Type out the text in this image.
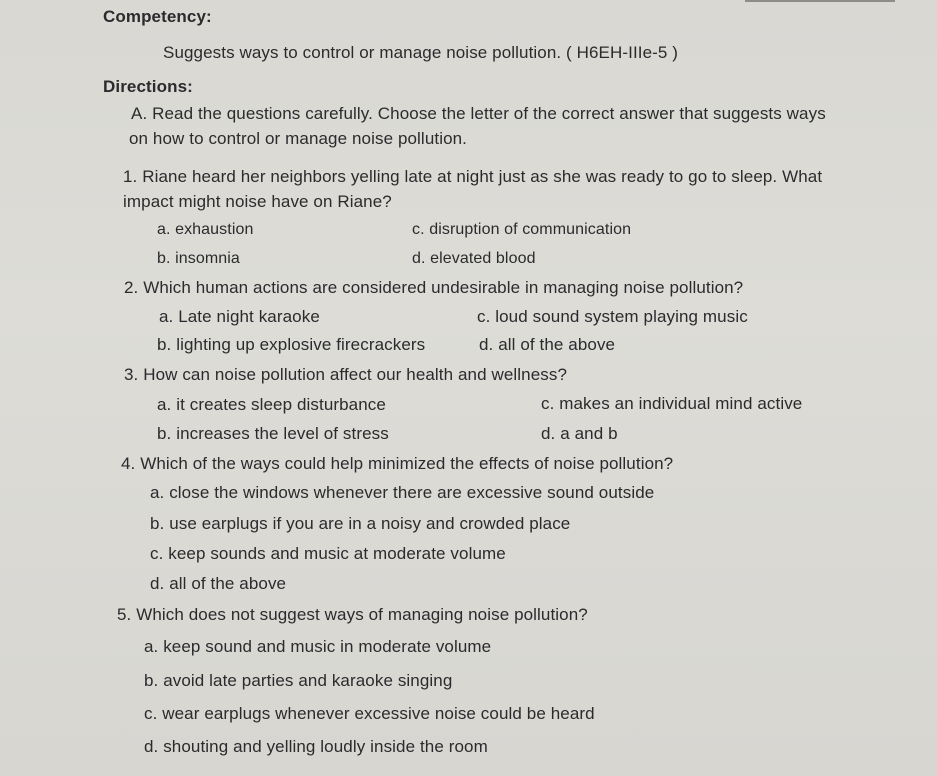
Competency:
Suggests ways to control or manage noise pollution. ( H6EH-IIIe-5 )
Directions:
A. Read the questions carefully. Choose the letter of the correct answer that suggests ways
on how to control or manage noise pollution.
1. Riane heard her neighbors yelling late at night just as she was ready to go to sleep. What
impact might noise have on Riane?
a. exhaustion	c. disruption of communication
b. insomnia	d. elevated blood
2. Which human actions are considered undesirable in managing noise pollution?
a. Late night karaoke	c. loud sound system playing music
b. lighting up explosive firecrackers	d. all of the above
3. How can noise pollution affect our health and wellness?
a. it creates sleep disturbance	c. makes an individual mind active
b. increases the level of stress	d. a and b
4. Which of the ways could help minimized the effects of noise pollution?
a. close the windows whenever there are excessive sound outside
b. use earplugs if you are in a noisy and crowded place
c. keep sounds and music at moderate volume
d. all of the above
5. Which does not suggest ways of managing noise pollution?
a. keep sound and music in moderate volume
b. avoid late parties and karaoke singing
c. wear earplugs whenever excessive noise could be heard
d. shouting and yelling loudly inside the room
